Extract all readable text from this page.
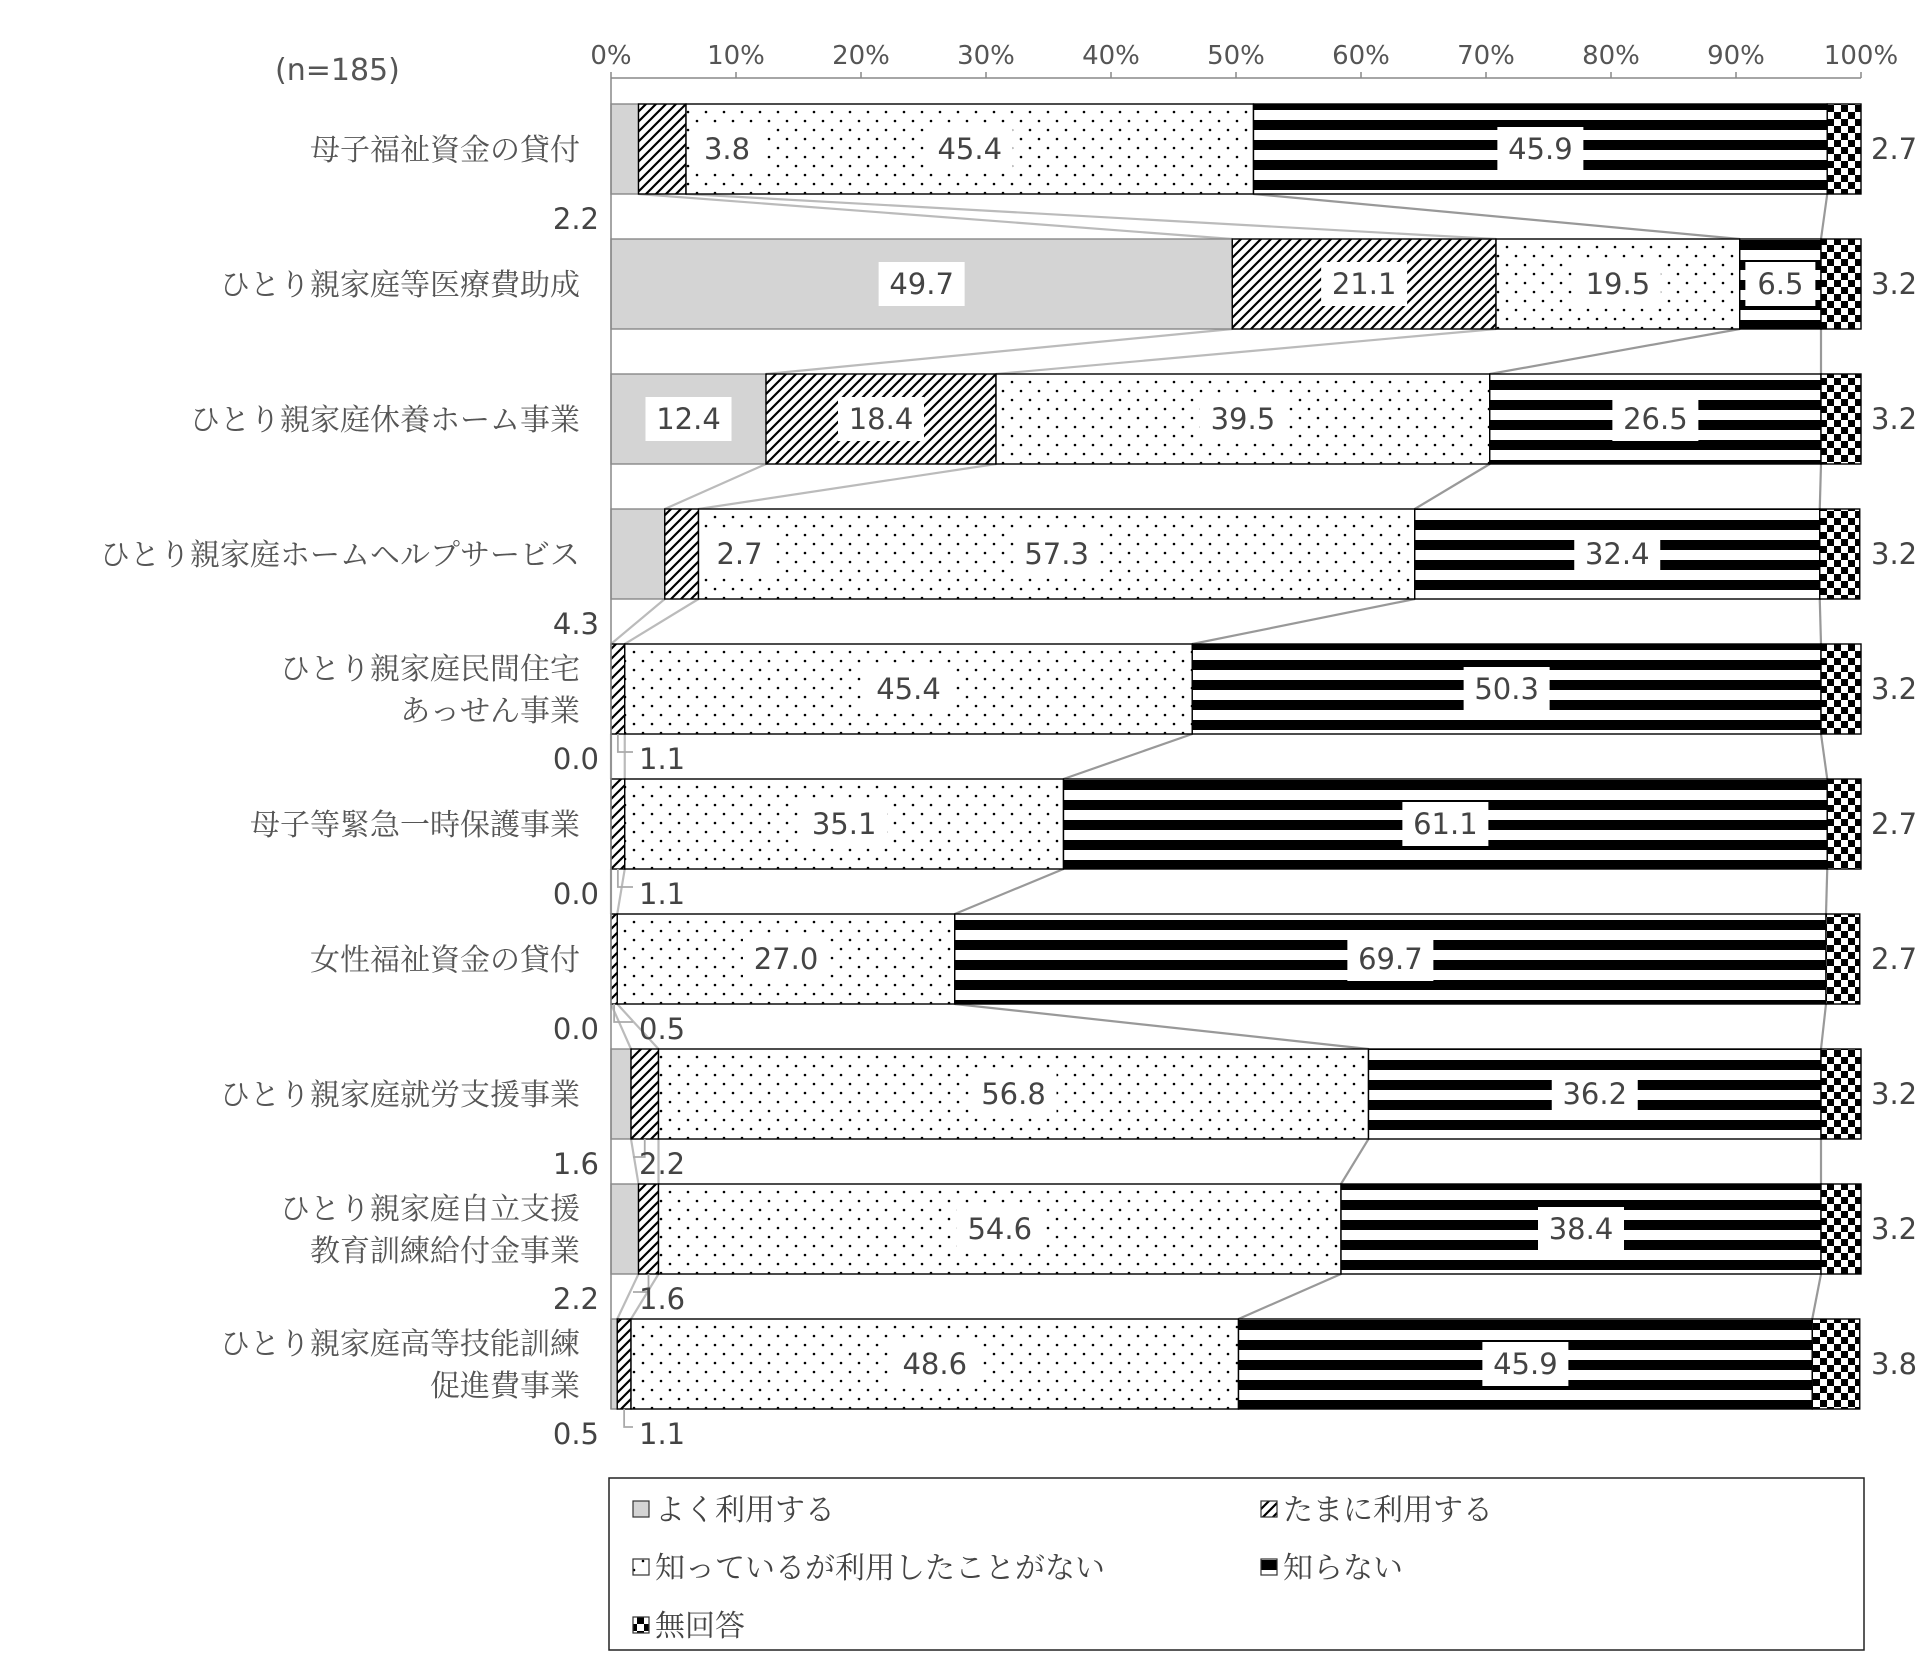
2.2
3.8	45.4	45.9	2.7
49.7	21.1	19.5	6.5 3.2
12.4	18.4	39.5	26.5	3.2
4.3
2.7	57.3	32.4	3.2
0.0 1.1
45.4	50.3	3.2
0.0 1.1
35.1	61.1	2.7
0.0 0.5
27.0	69.7	2.7
1.6 2.2
56.8	36.2	3.2
2.2 1.6
54.6	38.4	3.2
0.5 1.1
48.6	45.9	3.8
0%	10%	20%	30%	40%	50%	60%	70%	80%	90% 100%
(n=185)
母子福祉資金の貸付
ひとり親家庭等医療費助成
ひとり親家庭休養ホーム事業
ひとり親家庭ホームヘルプサービス
ひとり親家庭民間住宅
あっせん事業
母子等緊急一時保護事業
女性福祉資金の貸付
ひとり親家庭就労支援事業
ひとり親家庭自立支援
教育訓練給付金事業
ひとり親家庭高等技能訓練
促進費事業
よく利用する	たまに利用する
知っているが利用したことがない	知らない
無回答
